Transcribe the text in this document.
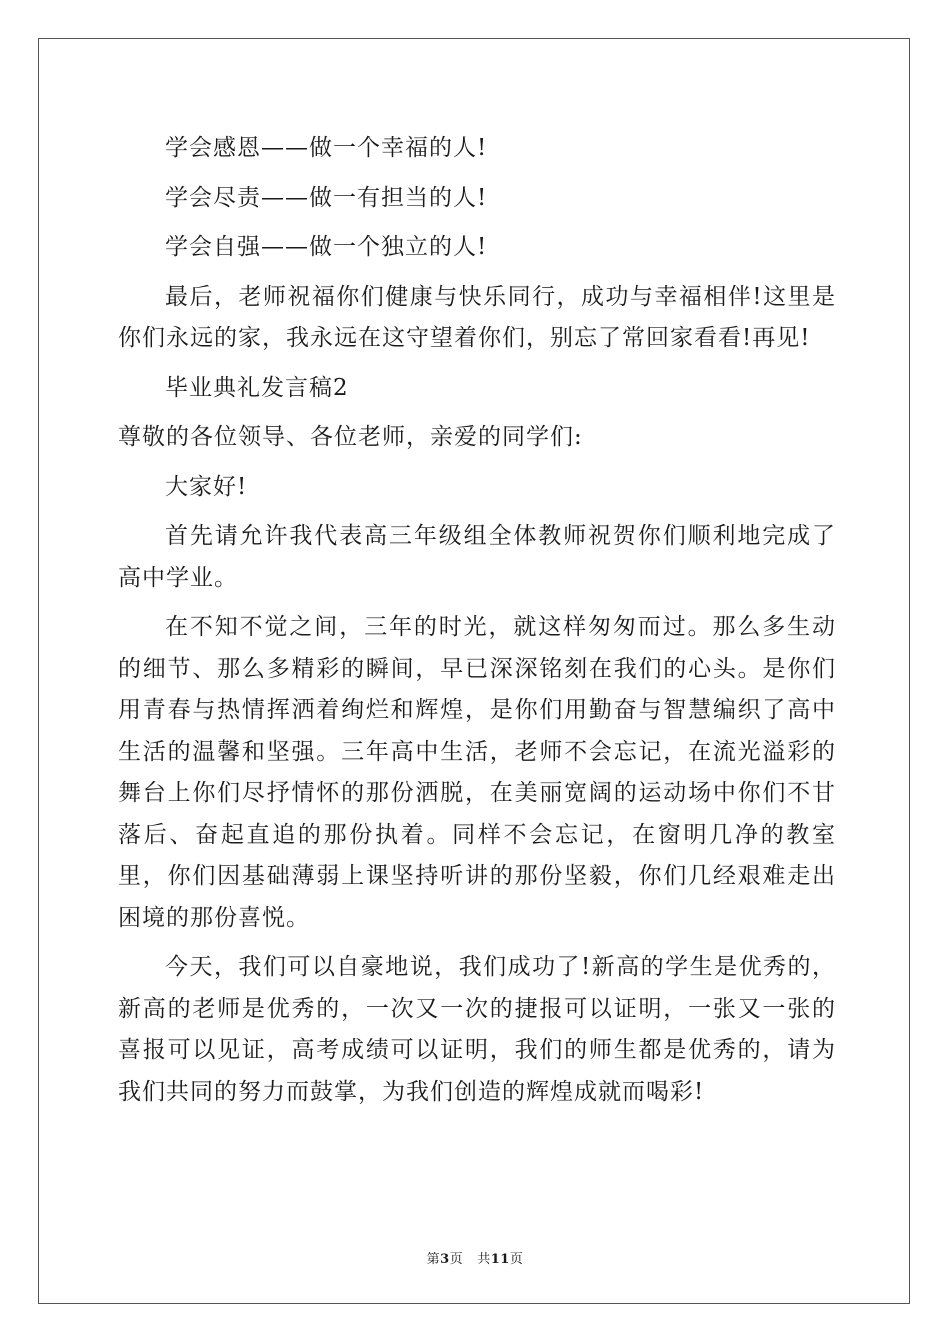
学会感恩——做一个幸福的人!

学会尽责——做一有担当的人!

学会自强——做一个独立的人!

最后，老师祝福你们健康与快乐同行，成功与幸福相伴!这里是你们永远的家，我永远在这守望着你们，别忘了常回家看看!再见!

毕业典礼发言稿2

尊敬的各位领导、各位老师，亲爱的同学们:

大家好!

首先请允许我代表高三年级组全体教师祝贺你们顺利地完成了高中学业。

在不知不觉之间，三年的时光，就这样匆匆而过。那么多生动的细节、那么多精彩的瞬间，早已深深铭刻在我们的心头。是你们用青春与热情挥洒着绚烂和辉煌，是你们用勤奋与智慧编织了高中生活的温馨和坚强。三年高中生活，老师不会忘记，在流光溢彩的舞台上你们尽抒情怀的那份洒脱，在美丽宽阔的运动场中你们不甘落后、奋起直追的那份执着。同样不会忘记，在窗明几净的教室里，你们因基础薄弱上课坚持听讲的那份坚毅，你们几经艰难走出困境的那份喜悦。

今天，我们可以自豪地说，我们成功了!新高的学生是优秀的，新高的老师是优秀的，一次又一次的捷报可以证明，一张又一张的喜报可以见证，高考成绩可以证明，我们的师生都是优秀的，请为我们共同的努力而鼓掌，为我们创造的辉煌成就而喝彩!

第3页 共11页
